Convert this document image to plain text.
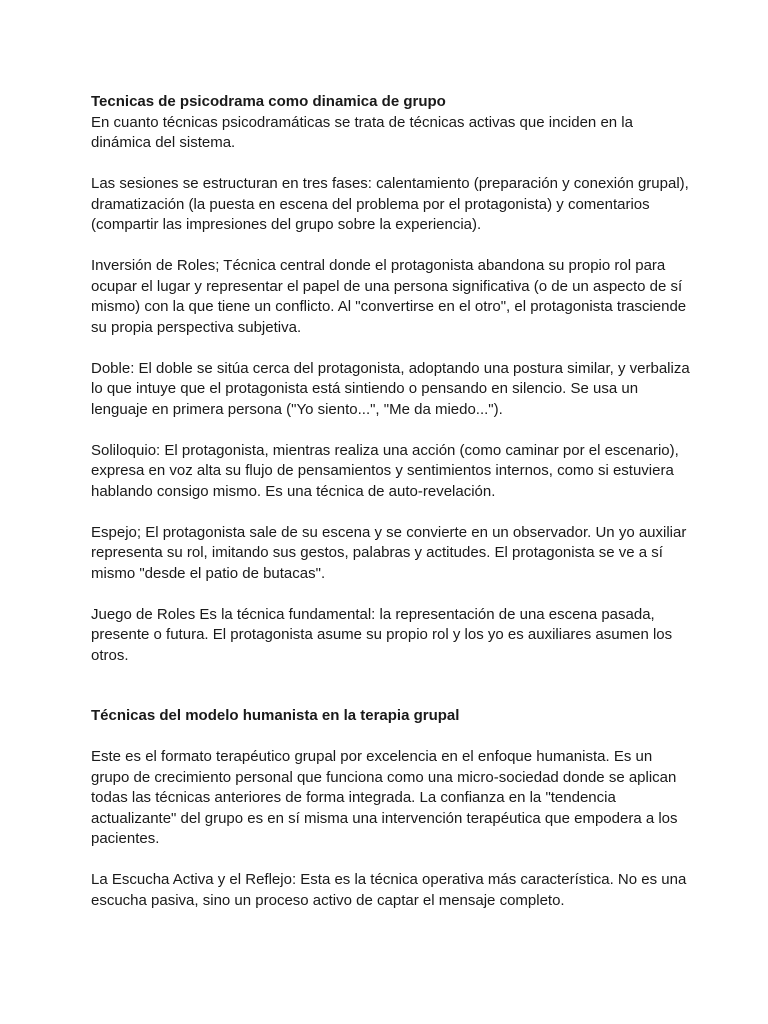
Tecnicas de psicodrama como dinamica de grupo

En cuanto técnicas psicodramáticas se trata de técnicas activas que inciden en la dinámica del sistema.

Las sesiones se estructuran en tres fases: calentamiento (preparación y conexión grupal), dramatización (la puesta en escena del problema por el protagonista) y comentarios (compartir las impresiones del grupo sobre la experiencia).

Inversión de Roles; Técnica central donde el protagonista abandona su propio rol para ocupar el lugar y representar el papel de una persona significativa (o de un aspecto de sí mismo) con la que tiene un conflicto. Al "convertirse en el otro", el protagonista trasciende su propia perspectiva subjetiva.

Doble: El doble se sitúa cerca del protagonista, adoptando una postura similar, y verbaliza lo que intuye que el protagonista está sintiendo o pensando en silencio. Se usa un lenguaje en primera persona ("Yo siento...", "Me da miedo...").

Soliloquio: El protagonista, mientras realiza una acción (como caminar por el escenario), expresa en voz alta su flujo de pensamientos y sentimientos internos, como si estuviera hablando consigo mismo. Es una técnica de auto-revelación.

Espejo; El protagonista sale de su escena y se convierte en un observador. Un yo auxiliar representa su rol, imitando sus gestos, palabras y actitudes. El protagonista se ve a sí mismo "desde el patio de butacas".

Juego de Roles Es la técnica fundamental: la representación de una escena pasada, presente o futura. El protagonista asume su propio rol y los yo es auxiliares asumen los otros.

Técnicas del modelo humanista en la terapia grupal

Este es el formato terapéutico grupal por excelencia en el enfoque humanista. Es un grupo de crecimiento personal que funciona como una micro-sociedad donde se aplican todas las técnicas anteriores de forma integrada. La confianza en la "tendencia actualizante" del grupo es en sí misma una intervención terapéutica que empodera a los pacientes.

La Escucha Activa y el Reflejo: Esta es la técnica operativa más característica. No es una escucha pasiva, sino un proceso activo de captar el mensaje completo.
